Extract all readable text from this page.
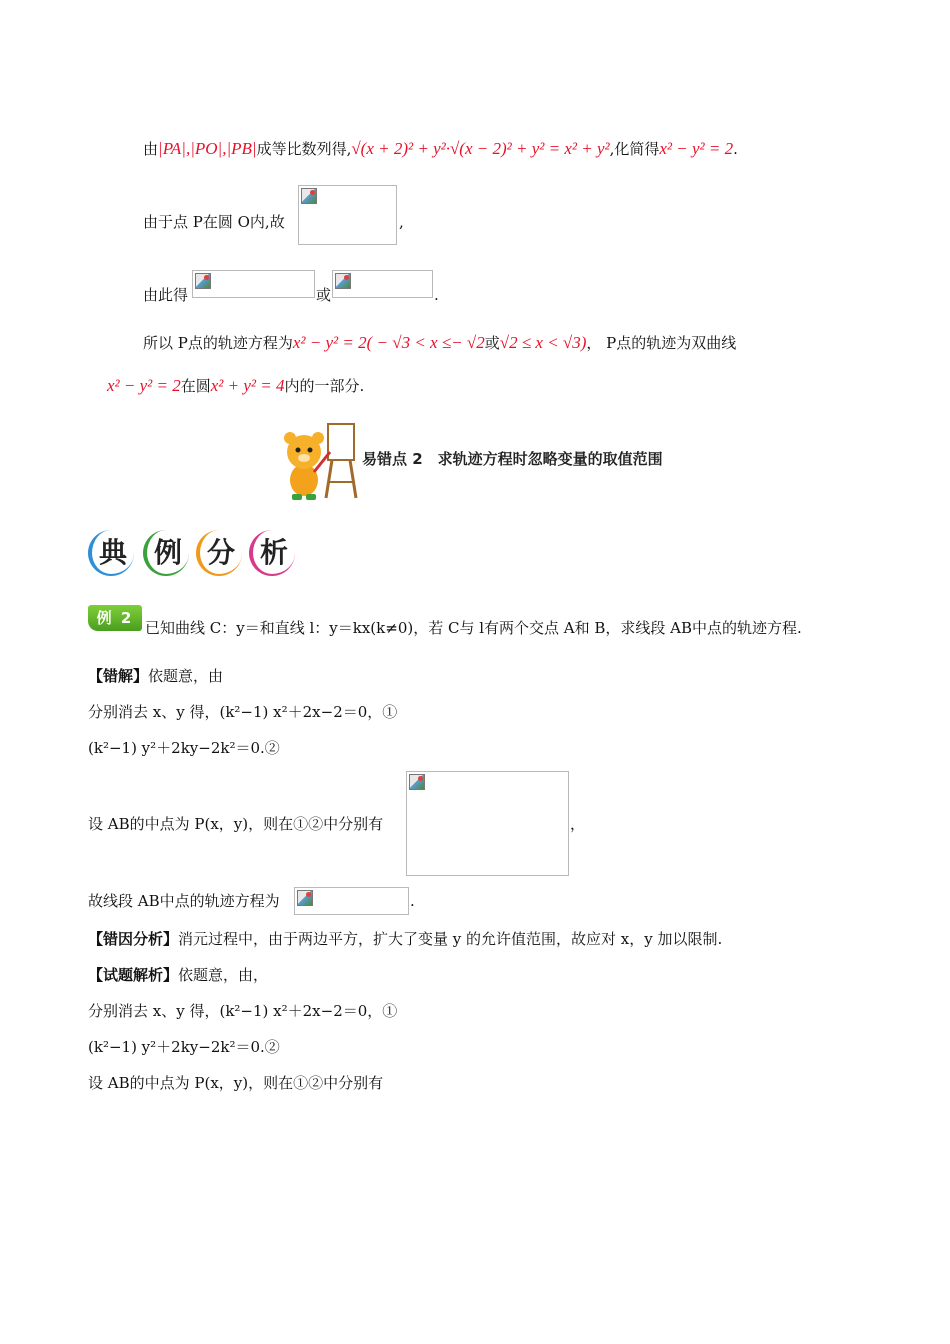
由|PA|,|PO|,|PB|成等比数列得,√(x + 2)² + y²·√(x − 2)² + y² = x² + y²,化简得x² − y² = 2.
由于点 P在圆 O内,故	,
由此得	或	.
所以 P点的轨迹方程为x² − y² = 2( − √3 < x ≤− √2或√2 ≤ x < √3)， P点的轨迹为双曲线
x² − y² = 2在圆x² + y² = 4内的一部分.
易错点 2　求轨迹方程时忽略变量的取值范围
典 例 分 析
例 2
已知曲线 C：y＝和直线 l：y＝kx(k≠0)，若 C与 l有两个交点 A和 B，求线段 AB中点的轨迹方程.
【错解】依题意，由
分别消去 x、y 得，(k²−1) x²＋2x−2＝0，①
(k²−1) y²＋2ky−2k²＝0.②
设 AB的中点为 P(x，y)，则在①②中分别有	，
故线段 AB中点的轨迹方程为	.
【错因分析】消元过程中，由于两边平方，扩大了变量 y 的允许值范围，故应对 x，y 加以限制.
【试题解析】依题意，由，
分别消去 x、y 得，(k²−1) x²＋2x−2＝0，①
(k²−1) y²＋2ky−2k²＝0.②
设 AB的中点为 P(x，y)，则在①②中分别有
